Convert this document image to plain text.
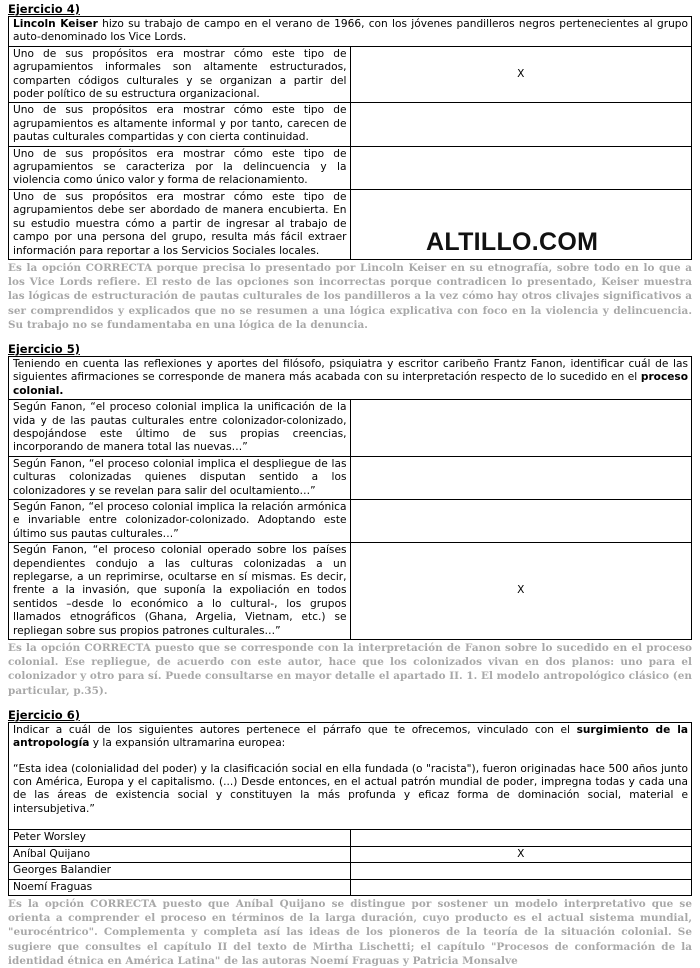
Ejercicio 4)

Lincoln Keiser hizo su trabajo de campo en el verano de 1966, con los jóvenes pandilleros negros pertenecientes al grupo auto-denominado los Vice Lords.	
Uno de sus propósitos era mostrar cómo este tipo de agrupamientos informales son altamente estructurados, comparten códigos culturales y se organizan a partir del poder político de su estructura organizacional.	X
Uno de sus propósitos era mostrar cómo este tipo de agrupamientos es altamente informal y por tanto, carecen de pautas culturales compartidas y con cierta continuidad.	
Uno de sus propósitos era mostrar cómo este tipo de agrupamientos se caracteriza por la delincuencia y la violencia como único valor y forma de relacionamiento.	
Uno de sus propósitos era mostrar cómo este tipo de agrupamientos debe ser abordado de manera encubierta. En su estudio muestra cómo a partir de ingresar al trabajo de campo por una persona del grupo, resulta más fácil extraer información para reportar a los Servicios Sociales locales.	

Es la opción CORRECTA porque precisa lo presentado por Lincoln Keiser en su etnografía, sobre todo en lo que a los Vice Lords refiere. El resto de las opciones son incorrectas porque contradicen lo presentado, Keiser muestra las lógicas de estructuración de pautas culturales de los pandilleros a la vez cómo hay otros clivajes significativos a ser comprendidos y explicados que no se resumen a una lógica explicativa con foco en la violencia y delincuencia. Su trabajo no se fundamentaba en una lógica de la denuncia.

Ejercicio 5)

Teniendo en cuenta las reflexiones y aportes del filósofo, psiquiatra y escritor caribeño Frantz Fanon, identificar cuál de las siguientes afirmaciones se corresponde de manera más acabada con su interpretación respecto de lo sucedido en el proceso colonial.	
Según Fanon, “el proceso colonial implica la unificación de la vida y de las pautas culturales entre colonizador-colonizado, despojándose este último de sus propias creencias, incorporando de manera total las nuevas…”	
Según Fanon, “el proceso colonial implica el despliegue de las culturas colonizadas quienes disputan sentido a los colonizadores y se revelan para salir del ocultamiento…”	
Según Fanon, “el proceso colonial implica la relación armónica e invariable entre colonizador-colonizado. Adoptando este último sus pautas culturales…”	
Según Fanon, “el proceso colonial operado sobre los países dependientes condujo a las culturas colonizadas a un replegarse, a un reprimirse, ocultarse en sí mismas. Es decir, frente a la invasión, que suponía la expoliación en todos sentidos –desde lo económico a lo cultural-, los grupos llamados etnográficos (Ghana, Argelia, Vietnam, etc.) se repliegan sobre sus propios patrones culturales…”	X

Es la opción CORRECTA puesto que se corresponde con la interpretación de Fanon sobre lo sucedido en el proceso colonial. Ese repliegue, de acuerdo con este autor, hace que los colonizados vivan en dos planos: uno para el colonizador y otro para sí. Puede consultarse en mayor detalle el apartado II. 1. El modelo antropológico clásico (en particular, p.35).

Ejercicio 6)

Indicar a cuál de los siguientes autores pertenece el párrafo que te ofrecemos, vinculado con el surgimiento de la antropología y la expansión ultramarina europea:
“Esta idea (colonialidad del poder) y la clasificación social en ella fundada (o "racista"), fueron originadas hace 500 años junto con América, Europa y el capitalismo. (...) Desde entonces, en el actual patrón mundial de poder, impregna todas y cada una de las áreas de existencia social y constituyen la más profunda y eficaz forma de dominación social, material e intersubjetiva.”	

Peter Worsley	
Aníbal Quijano	X
Georges Balandier	
Noemí Fraguas	

Es la opción CORRECTA puesto que Aníbal Quijano se distingue por sostener un modelo interpretativo que se orienta a comprender el proceso en términos de la larga duración, cuyo producto es el actual sistema mundial, "eurocéntrico". Complementa y completa así las ideas de los pioneros de la teoría de la situación colonial. Se sugiere que consultes el capítulo II del texto de Mirtha Lischetti; el capítulo "Procesos de conformación de la identidad étnica en América Latina" de las autoras Noemí Fraguas y Patricia Monsalve

ALTILLO.COM
